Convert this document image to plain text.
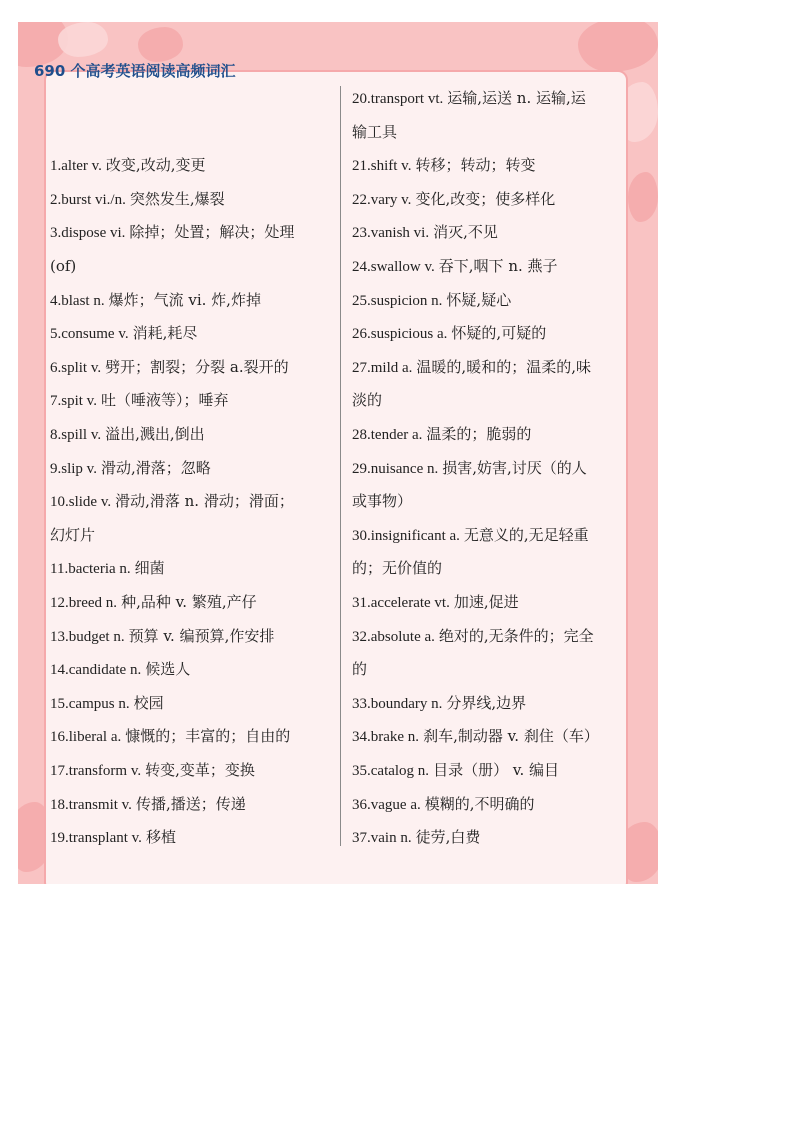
1.alter v. 改变,改动,变更
2.burst vi./n. 突然发生,爆裂
3.dispose vi. 除掉；处置；解决；处理
(of)
4.blast n. 爆炸；气流 vi. 炸,炸掉
5.consume v. 消耗,耗尽
6.split v. 劈开；割裂；分裂 a.裂开的
7.spit v. 吐（唾液等）；唾弃
8.spill v. 溢出,溅出,倒出
9.slip v. 滑动,滑落；忽略
10.slide v. 滑动,滑落 n. 滑动；滑面；
幻灯片
11.bacteria n. 细菌
12.breed n. 种,品种 v. 繁殖,产仔
13.budget n. 预算 v. 编预算,作安排
14.candidate n. 候选人
15.campus n. 校园
16.liberal a. 慷慨的；丰富的；自由的
17.transform v. 转变,变革；变换
18.transmit v. 传播,播送；传递
19.transplant v. 移植
20.transport vt. 运输,运送 n. 运输,运
输工具
21.shift v. 转移；转动；转变
22.vary v. 变化,改变；使多样化
23.vanish vi. 消灭,不见
24.swallow v. 吞下,咽下 n. 燕子
25.suspicion n. 怀疑,疑心
26.suspicious a. 怀疑的,可疑的
27.mild a. 温暖的,暖和的；温柔的,味
淡的
28.tender a. 温柔的；脆弱的
29.nuisance n. 损害,妨害,讨厌（的人
或事物）
30.insignificant a. 无意义的,无足轻重
的；无价值的
31.accelerate vt. 加速,促进
32.absolute a. 绝对的,无条件的；完全
的
33.boundary n. 分界线,边界
34.brake n. 刹车,制动器 v. 刹住（车）
35.catalog n. 目录（册） v. 编目
36.vague a. 模糊的,不明确的
37.vain n. 徒劳,白费
690 个高考英语阅读高频词汇
